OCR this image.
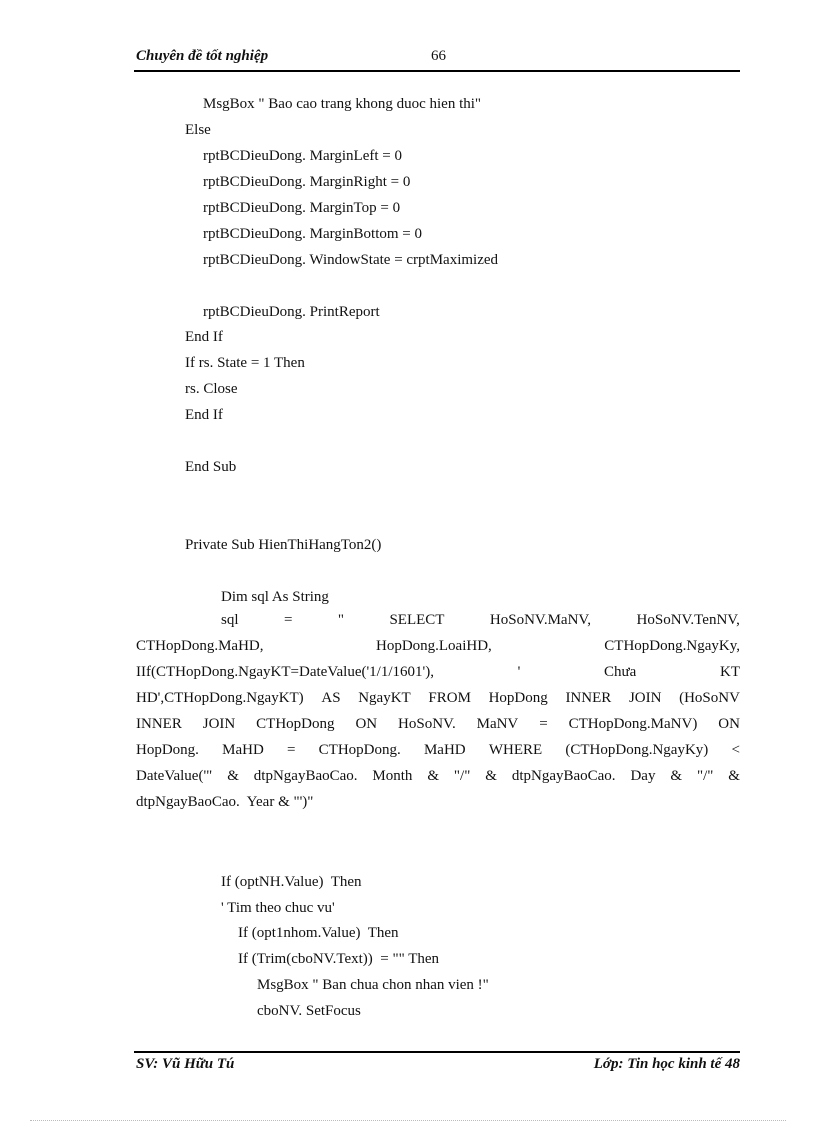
Chuyên đề tốt nghiệp	66
MsgBox " Bao cao trang khong duoc hien thi"
Else
rptBCDieuDong. MarginLeft = 0
rptBCDieuDong. MarginRight = 0
rptBCDieuDong. MarginTop = 0
rptBCDieuDong. MarginBottom = 0
rptBCDieuDong. WindowState = crptMaximized
rptBCDieuDong. PrintReport
End If
If rs. State = 1 Then
rs. Close
End If
End Sub
Private Sub HienThiHangTon2()
Dim sql As String
sql	=	"	SELECT	HoSoNV.MaNV,	HoSoNV.TenNV,
CTHopDong.MaHD,	HopDong.LoaiHD,	CTHopDong.NgayKy,
IIf(CTHopDong.NgayKT=DateValue('1/1/1601'),	'	Chưa	KT
HD',CTHopDong.NgayKT) AS NgayKT FROM HopDong INNER JOIN (HoSoNV
INNER JOIN CTHopDong ON HoSoNV. MaNV = CTHopDong.MaNV) ON
HopDong. MaHD = CTHopDong. MaHD WHERE (CTHopDong.NgayKy) <
DateValue('" & dtpNgayBaoCao. Month & "/" & dtpNgayBaoCao. Day & "/" &
dtpNgayBaoCao.  Year & "')"
If (optNH.Value)  Then
' Tim theo chuc vu'
If (opt1nhom.Value)  Then
If (Trim(cboNV.Text))  = "" Then
MsgBox " Ban chua chon nhan vien !"
cboNV. SetFocus
SV: Vũ Hữu Tú	Lớp: Tin học kinh tế 48
